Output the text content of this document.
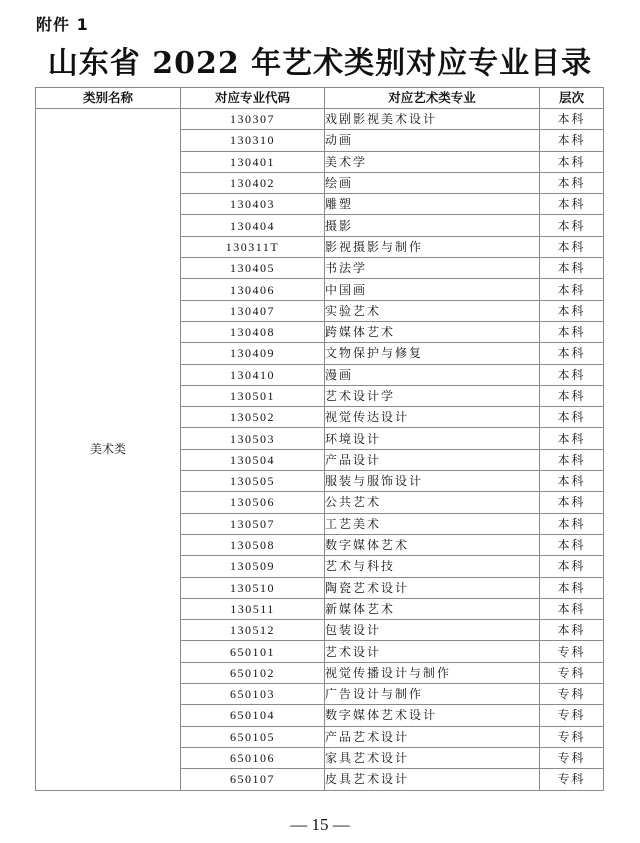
附件 1
山东省 2022 年艺术类别对应专业目录
类别名称	对应专业代码	对应艺术类专业	层次
美术类	130307	戏剧影视美术设计	本科
	130310	动画	本科
	130401	美术学	本科
	130402	绘画	本科
	130403	雕塑	本科
	130404	摄影	本科
	130311T	影视摄影与制作	本科
	130405	书法学	本科
	130406	中国画	本科
	130407	实验艺术	本科
	130408	跨媒体艺术	本科
	130409	文物保护与修复	本科
	130410	漫画	本科
	130501	艺术设计学	本科
	130502	视觉传达设计	本科
	130503	环境设计	本科
	130504	产品设计	本科
	130505	服装与服饰设计	本科
	130506	公共艺术	本科
	130507	工艺美术	本科
	130508	数字媒体艺术	本科
	130509	艺术与科技	本科
	130510	陶瓷艺术设计	本科
	130511	新媒体艺术	本科
	130512	包装设计	本科
	650101	艺术设计	专科
	650102	视觉传播设计与制作	专科
	650103	广告设计与制作	专科
	650104	数字媒体艺术设计	专科
	650105	产品艺术设计	专科
	650106	家具艺术设计	专科
	650107	皮具艺术设计	专科
— 15 —
